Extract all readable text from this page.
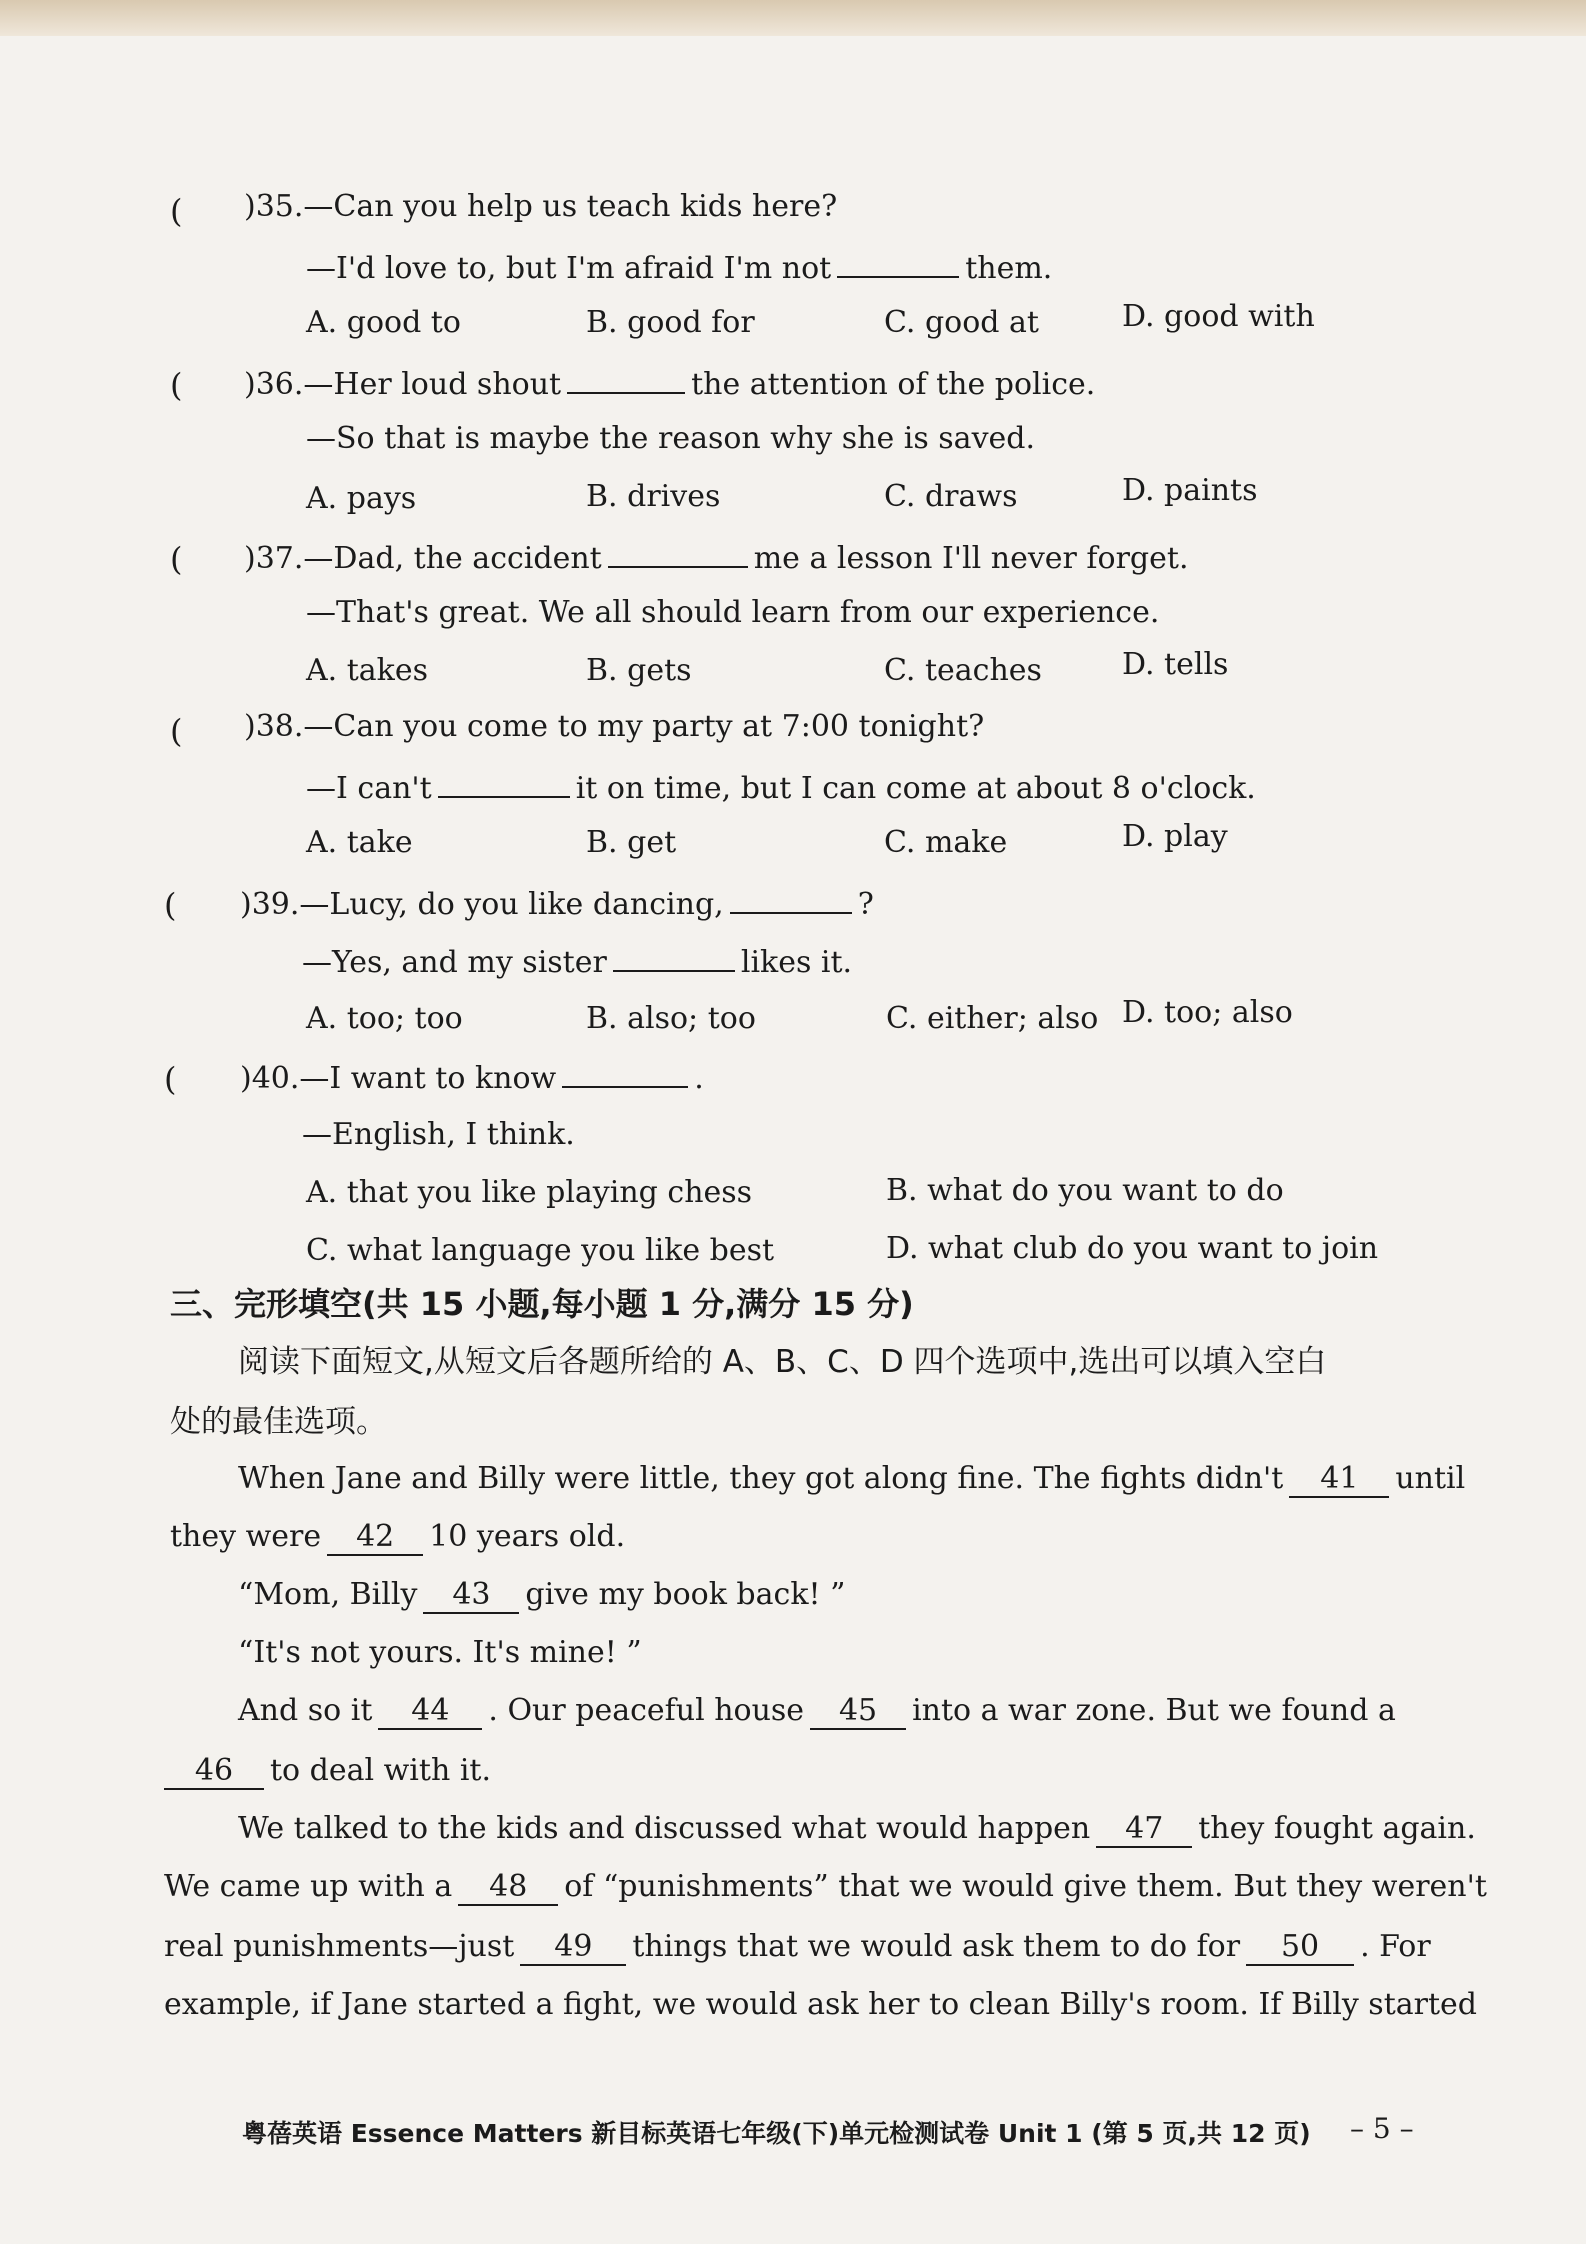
( )35.—Can you help us teach kids here?
—I'd love to, but I'm afraid I'm not	them.
A. good to	B. good for	C. good at	D. good with
( )36.—Her loud shout	the attention of the police.
—So that is maybe the reason why she is saved.
A. pays	B. drives	C. draws	D. paints
( )37.—Dad, the accident	me a lesson I'll never forget.
—That's great. We all should learn from our experience.
A. takes	B. gets	C. teaches	D. tells
( )38.—Can you come to my party at 7:00 tonight?
—I can't	it on time, but I can come at about 8 o'clock.
A. take	B. get	C. make	D. play
( )39.—Lucy, do you like dancing,	?
—Yes, and my sister	likes it.
A. too; too	B. also; too	C. either; also D. too; also
( )40.—I want to know	.
—English, I think.
A. that you like playing chess	B. what do you want to do
C. what language you like best	D. what club do you want to join
三、完形填空(共 15 小题,每小题 1 分,满分 15 分)
阅读下面短文,从短文后各题所给的 A、B、C、D 四个选项中,选出可以填入空白
处的最佳选项。
When Jane and Billy were little, they got along fine. The fights didn't 41 until
they were 42 10 years old.
“Mom, Billy 43 give my book back! ”
“It's not yours. It's mine! ”
And so it 44 . Our peaceful house 45 into a war zone. But we found a
46 to deal with it.
We talked to the kids and discussed what would happen 47 they fought again.
We came up with a 48 of “punishments” that we would give them. But they weren't
real punishments—just 49 things that we would ask them to do for 50 . For
example, if Jane started a fight, we would ask her to clean Billy's room. If Billy started
粤蓓英语 Essence Matters 新目标英语七年级(下)单元检测试卷 Unit 1 (第 5 页,共 12 页) – 5 –
